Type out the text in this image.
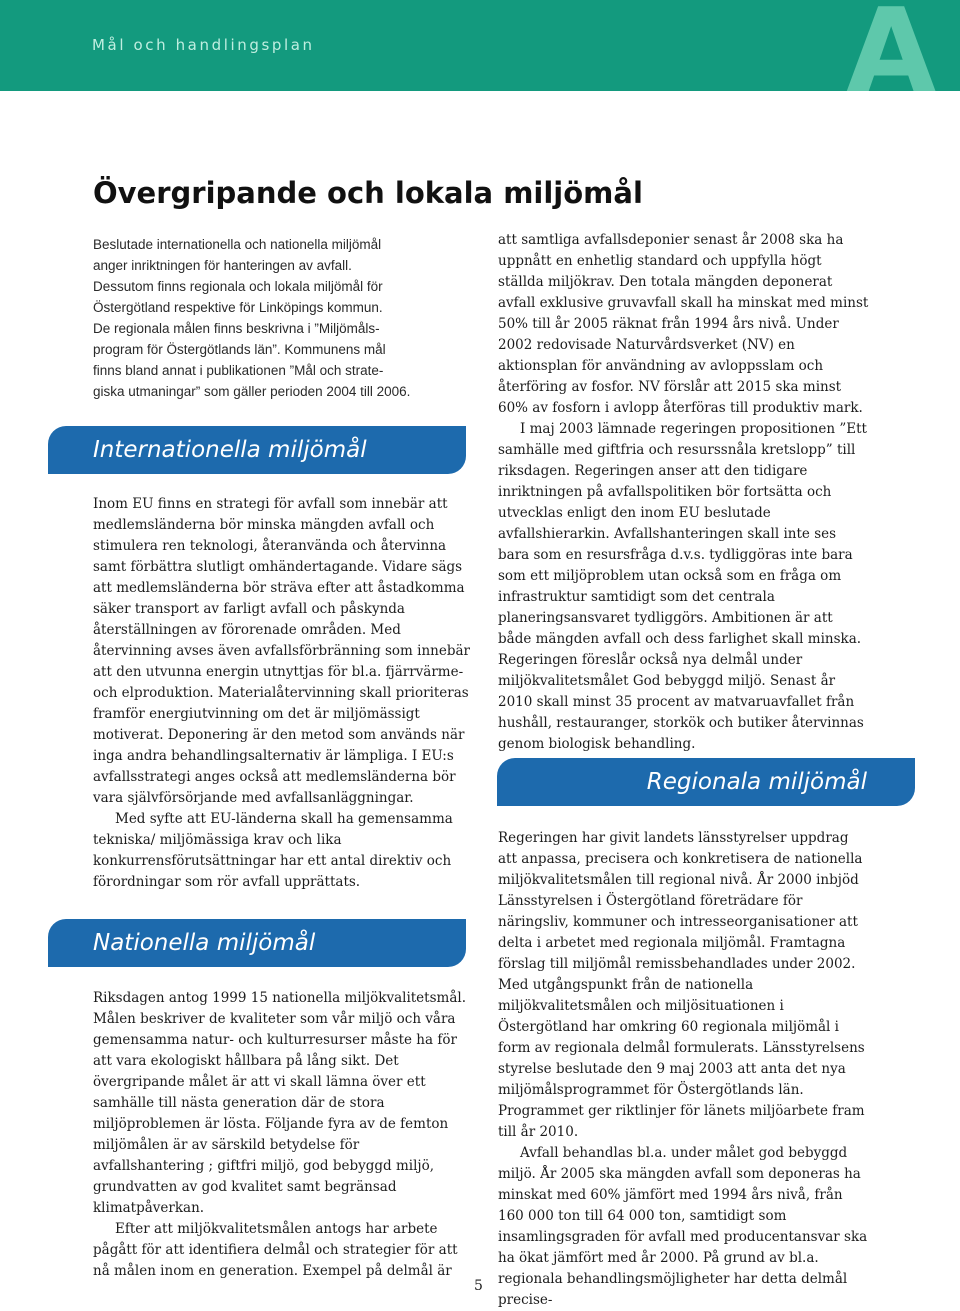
Mål och handlingsplan	A
Övergripande och lokala miljömål
Beslutade internationella och nationella miljömål
anger inriktningen för hanteringen av avfall.
Dessutom finns regionala och lokala miljömål för
Östergötland respektive för Linköpings kommun.
De regionala målen finns beskrivna i ”Miljömåls-
program för Östergötlands län”. Kommunens mål
finns bland annat i publikationen ”Mål och strate-
giska utmaningar” som gäller perioden 2004 till 2006.
Internationella miljömål

Inom EU finns en strategi för avfall som innebär att medlemsländerna bör minska mängden avfall och stimulera ren teknologi, återanvända och återvinna samt förbättra slutligt omhändertagande. Vidare sägs att medlemsländerna bör sträva efter att åstadkomma säker transport av farligt avfall och påskynda återställningen av förorenade områden. Med återvinning avses även avfallsförbränning som innebär att den utvunna energin utnyttjas för bl.a. fjärrvärme- och elproduktion. Materialåtervinning skall prioriteras framför energiutvinning om det är miljömässigt motiverat. Deponering är den metod som används när inga andra behandlingsalternativ är lämpliga. I EU:s avfallsstrategi anges också att medlemsländerna bör vara självförsörjande med avfallsanläggningar.

Med syfte att EU-länderna skall ha gemensamma tekniska/ miljömässiga krav och lika konkurrensförutsättningar har ett antal direktiv och förordningar som rör avfall upprättats.

Nationella miljömål

Riksdagen antog 1999 15 nationella miljökvalitetsmål. Målen beskriver de kvaliteter som vår miljö och våra gemensamma natur- och kulturresurser måste ha för att vara ekologiskt hållbara på lång sikt. Det övergripande målet är att vi skall lämna över ett samhälle till nästa generation där de stora miljöproblemen är lösta. Följande fyra av de femton miljömålen är av särskild betydelse för avfallshantering ; giftfri miljö, god bebyggd miljö, grundvatten av god kvalitet samt begränsad klimatpåverkan.

Efter att miljökvalitetsmålen antogs har arbete pågått för att identifiera delmål och strategier för att nå målen inom en generation. Exempel på delmål är

att samtliga avfallsdeponier senast år 2008 ska ha uppnått en enhetlig standard och uppfylla högt ställda miljökrav. Den totala mängden deponerat avfall exklusive gruvavfall skall ha minskat med minst 50% till år 2005 räknat från 1994 års nivå. Under 2002 redovisade Naturvårdsverket (NV) en aktionsplan för användning av avloppsslam och återföring av fosfor. NV förslår att 2015 ska minst 60% av fosforn i avlopp återföras till produktiv mark.

I maj 2003 lämnade regeringen propositionen ”Ett samhälle med giftfria och resurssnåla kretslopp” till riksdagen. Regeringen anser att den tidigare inriktningen på avfallspolitiken bör fortsätta och utvecklas enligt den inom EU beslutade avfallshierarkin. Avfallshanteringen skall inte ses bara som en resursfråga d.v.s. tydliggöras inte bara som ett miljöproblem utan också som en fråga om infrastruktur samtidigt som det centrala planeringsansvaret tydliggörs. Ambitionen är att både mängden avfall och dess farlighet skall minska. Regeringen föreslår också nya delmål under miljökvalitetsmålet God bebyggd miljö. Senast år 2010 skall minst 35 procent av matvaruavfallet från hushåll, restauranger, storkök och butiker återvinnas genom biologisk behandling.

Regionala miljömål

Regeringen har givit landets länsstyrelser uppdrag att anpassa, precisera och konkretisera de nationella miljökvalitetsmålen till regional nivå. År 2000 inbjöd Länsstyrelsen i Östergötland företrädare för näringsliv, kommuner och intresseorganisationer att delta i arbetet med regionala miljömål. Framtagna förslag till miljömål remissbehandlades under 2002. Med utgångspunkt från de nationella miljökvalitetsmålen och miljösituationen i Östergötland har omkring 60 regionala miljömål i form av regionala delmål formulerats. Länsstyrelsens styrelse beslutade den 9 maj 2003 att anta det nya miljömålsprogrammet för Östergötlands län. Programmet ger riktlinjer för länets miljöarbete fram till år 2010.

Avfall behandlas bl.a. under målet god bebyggd miljö. År 2005 ska mängden avfall som deponeras ha minskat med 60% jämfört med 1994 års nivå, från 160 000 ton till 64 000 ton, samtidigt som insamlingsgraden för avfall med producentansvar ska ha ökat jämfört med år 2000. På grund av bl.a. regionala behandlingsmöjligheter har detta delmål precise-

5
